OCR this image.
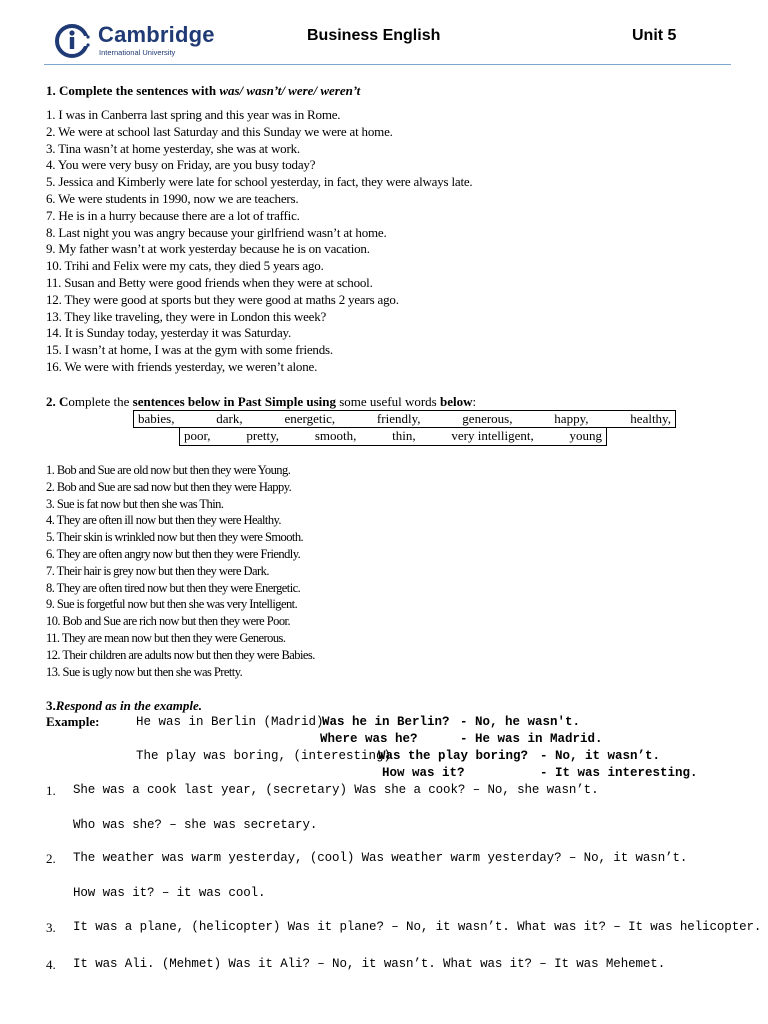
Cambridge
International University
Business English	Unit 5
1. Complete the sentences with was/ wasn’t/ were/ weren’t
1. I was in Canberra last spring and this year was in Rome.
2. We were at school last Saturday and this Sunday we were at home.
3. Tina wasn’t at home yesterday, she was at work.
4. You were very busy on Friday, are you busy today?
5. Jessica and Kimberly were late for school yesterday, in fact, they were always late.
6. We were students in 1990, now we are teachers.
7. He is in a hurry because there are a lot of traffic.
8. Last night you was angry because your girlfriend wasn’t at home.
9. My father wasn’t at work yesterday because he is on vacation.
10. Trihi and Felix were my cats, they died 5 years ago.
11. Susan and Betty were good friends when they were at school.
12. They were good at sports but they were good at maths 2 years ago.
13. They like traveling, they were in London this week?
14. It is Sunday today, yesterday it was Saturday.
15. I wasn’t at home, I was at the gym with some friends.
16. We were with friends yesterday, we weren’t alone.
2. Complete the sentences below in Past Simple using some useful words below:
babies,	dark,	energetic,	friendly,	generous,	happy,	healthy,
poor,	pretty,	smooth,	thin,	very intelligent,	young
1. Bob and Sue are old now but then they were Young.
2. Bob and Sue are sad now but then they were Happy.
3. Sue is fat now but then she was Thin.
4. They are often ill now but then they were Healthy.
5. Their skin is wrinkled now but then they were Smooth.
6. They are often angry now but then they were Friendly.
7. Their hair is grey now but then they were Dark.
8. They are often tired now but then they were Energetic.
9. Sue is forgetful now but then she was very Intelligent.
10. Bob and Sue are rich now but then they were Poor.
11. They are mean now but then they were Generous.
12. Their children are adults now but then they were Babies.
13. Sue is ugly now but then she was Pretty.
3.Respond as in the example.
Example:	He was in Berlin (Madrid)
Was he in Berlin? - No, he wasn't.
Where was he?	- He was in Madrid.
The play was boring, (interesting)
Was the play boring? - No, it wasn’t.
How was it?	- It was interesting.
1. She was a cook last year, (secretary) Was she a cook? – No, she wasn’t.
Who was she? – she was secretary.
2. The weather was warm yesterday, (cool) Was weather warm yesterday? – No, it wasn’t.
How was it? – it was cool.
3. It was a plane, (helicopter) Was it plane? – No, it wasn’t. What was it? – It was helicopter.
4. It was Ali. (Mehmet) Was it Ali? – No, it wasn’t. What was it? – It was Mehemet.
